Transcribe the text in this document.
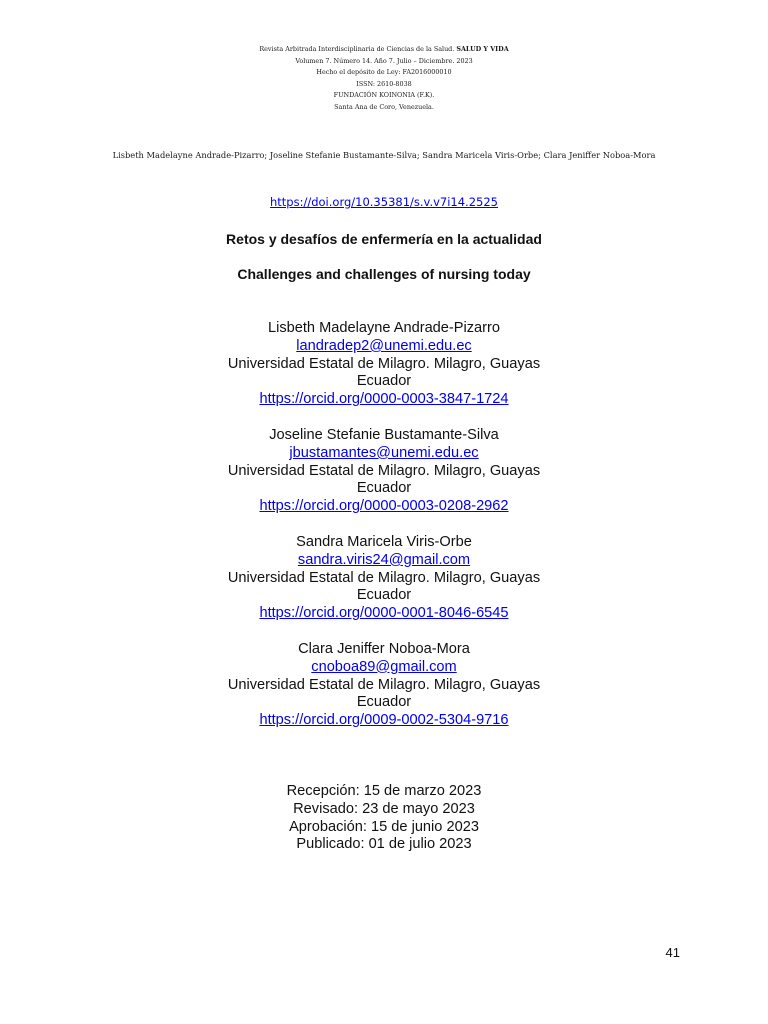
Revista Arbitrada Interdisciplinaria de Ciencias de la Salud. SALUD Y VIDA
Volumen 7. Número 14. Año 7. Julio – Diciembre. 2023
Hecho el depósito de Ley: FA2016000010
ISSN: 2610-8038
FUNDACIÓN KOINONIA (F.K).
Santa Ana de Coro, Venezuela.
Lisbeth Madelayne Andrade-Pizarro; Joseline Stefanie Bustamante-Silva; Sandra Maricela Viris-Orbe; Clara Jeniffer Noboa-Mora
https://doi.org/10.35381/s.v.v7i14.2525
Retos y desafíos de enfermería en la actualidad
Challenges and challenges of nursing today
Lisbeth Madelayne Andrade-Pizarro
landradep2@unemi.edu.ec
Universidad Estatal de Milagro. Milagro, Guayas
Ecuador
https://orcid.org/0000-0003-3847-1724
Joseline Stefanie Bustamante-Silva
jbustamantes@unemi.edu.ec
Universidad Estatal de Milagro. Milagro, Guayas
Ecuador
https://orcid.org/0000-0003-0208-2962
Sandra Maricela Viris-Orbe
sandra.viris24@gmail.com
Universidad Estatal de Milagro. Milagro, Guayas
Ecuador
https://orcid.org/0000-0001-8046-6545
Clara Jeniffer Noboa-Mora
cnoboa89@gmail.com
Universidad Estatal de Milagro. Milagro, Guayas
Ecuador
https://orcid.org/0009-0002-5304-9716
Recepción: 15 de marzo 2023
Revisado: 23 de mayo 2023
Aprobación: 15 de junio 2023
Publicado: 01 de julio 2023
41
